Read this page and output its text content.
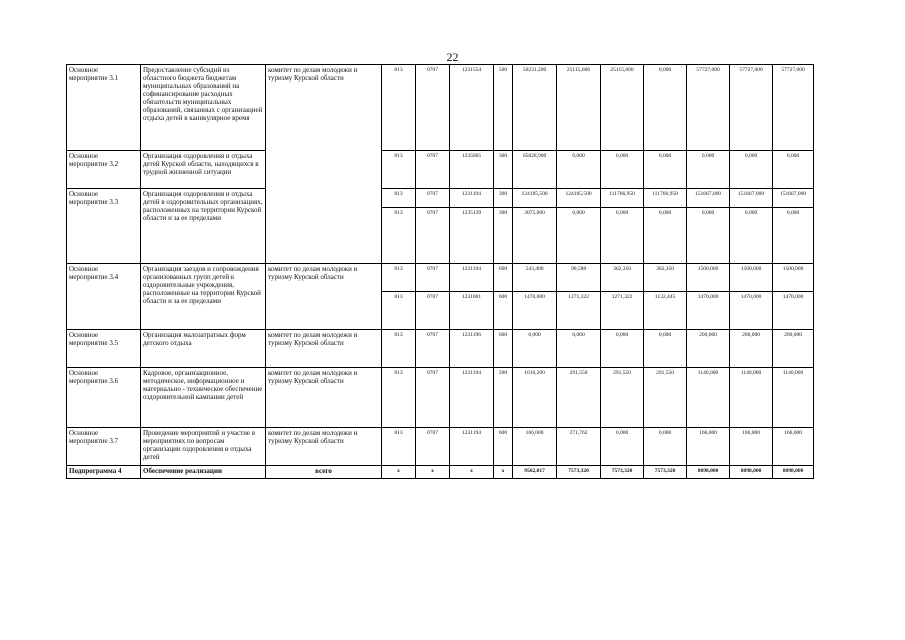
22
Основное мероприятие 3.1	Предоставление субсидий из областного бюджета бюджетам муниципальных образований на софинансирование расходных обязательств муниципальных образований, связанных с организацией отдыха детей в каникулярное время	комитет по делам молодежи и туризму Курской области	813	0707	1231554	500	50231,200	25115,600	25115,600	0,000	57727,000	57727,000	57727,000
Основное мероприятие 3.2	Организация оздоровления и отдыха детей Курской области, находящихся в трудной жизненной ситуации		813	0707	1235065	300	65828,900	0,000	0,000	0,000	0,000	0,000	0,000
Основное мероприятие 3.3	Организация оздоровления и отдыха детей в оздоровительных организациях, расположенных на территории Курской области и за ее пределами		813	0707	1231194	300	124185,500	124185,500	111766,950	111766,950	151667,000	151667,000	151667,000
			813	0707	1235139	300	3075,000	0,000	0,000	0,000	0,000	0,000	0,000
Основное мероприятие 3.4	Организация заездов и сопровождения организованных групп детей в оздоровительные учреждения, расположенные на территории Курской области и за ее пределами	комитет по делам молодежи и туризму Курской области	813	0707	1231194	600	543,400	90,588	362,350	362,350	1500,000	1500,000	1500,000
			813	0707	1231001	600	1470,000	1271,322	1271,322	1132,445	1470,000	1470,000	1470,000
Основное мероприятие 3.5	Организация малозатратных форм детского отдыха	комитет по делам молодежи и туризму Курской области	813	0707	1231196	600	0,000	0,000	0,000	0,000	200,000	200,000	200,000
Основное мероприятие 3.6	Кадровое, организационное, методическое, информационное и материально - техническое обеспечение оздоровительной кампании детей	комитет по делам молодежи и туризму Курской области	813	0707	1231194	200	1016,200	291,550	291,550	291,550	1140,000	1140,000	1140,000
Основное мероприятие 3.7	Проведение мероприятий и участие в мероприятиях по вопросам организации оздоровления и отдыха детей	комитет по делам молодежи и туризму Курской области	813	0707	1231194	600	166,000	271,762	0,000	0,000	166,000	166,000	166,000
Подпрограмма 4	Обеспечение реализации	всего	х	х	х	х	9562,017	7573,320	7573,320	7573,320	8098,000	8098,000	8098,000
